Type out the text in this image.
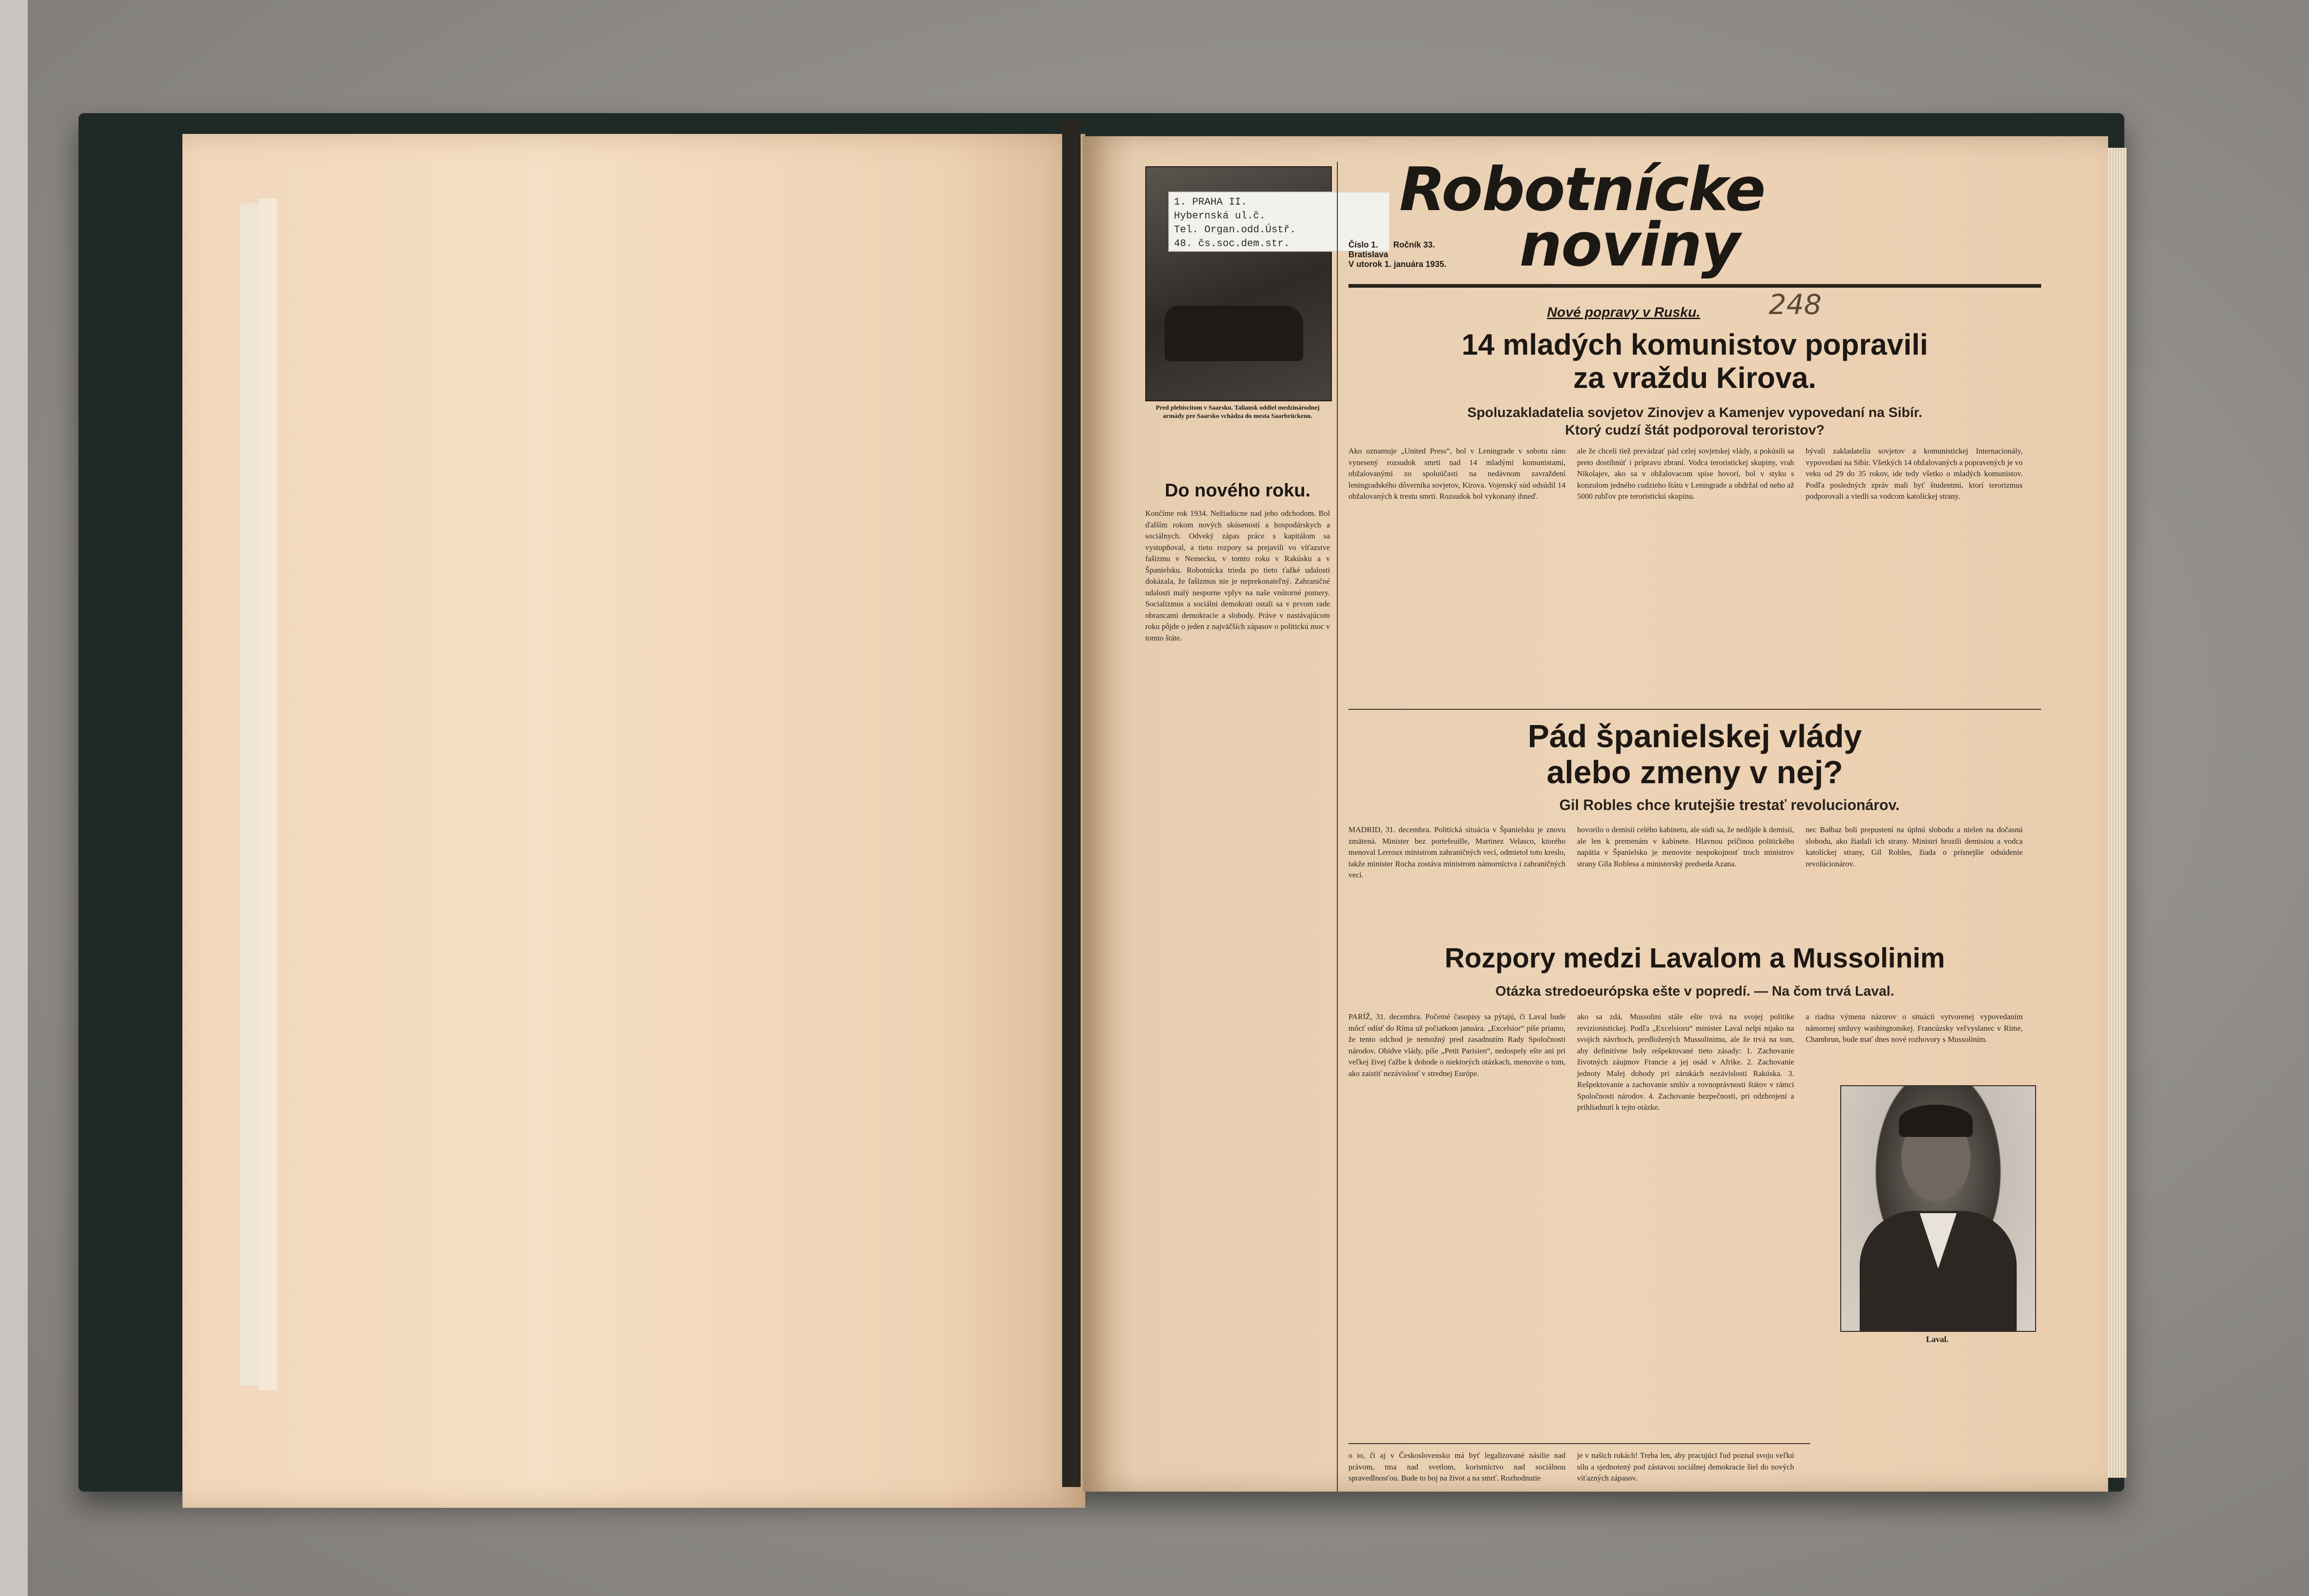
1. PRAHA II.
Hybernská ul.č.
Tel. Organ.odd.Ústř.
48. čs.soc.dem.str.
Pred plebiscitom v Saarsku. Taliansk oddiel medzinárodnej armády pre Saarsko vchádza do mesta Saarbrückenu.
Robotnícke
noviny
Číslo 1. Ročník 33.
Bratislava
V utorok 1. januára 1935.
248
Do nového roku.
Končíme rok 1934. Nežiadúcne nad jeho odchodom. Bol ďalším rokom nových skúseností a hospodárskych a sociálnych. Odveký zápas práce s kapitálom sa vystupňoval, a tieto rozpory sa prejavili vo víťazstve fašizmu v Nemecku, v tomto roku v Rakúsku a v Španielsku. Robotnícka trieda po tieto ťažké udalosti dokázala, že fašizmus nie je neprekonateľný. Zahraničné udalosti malý nesporne vplyv na naše vnútorné pomery. Socializmus a sociálni demokrati ostali sa v prvom rade obrancami demokracie a slobody. Práve v nastávajúcom roku pôjde o jeden z najväčších zápasov o politickú moc v tomto štáte.
Nové popravy v Rusku.
14 mladých komunistov popravili
za vraždu Kirova.
Spoluzakladatelia sovjetov Zinovjev a Kamenjev vypovedaní na Sibír.
Ktorý cudzí štát podporoval teroristov?
Ako oznamuje „United Press“, bol v Leningrade v sobotu ráno vynesený rozsudok smrti nad 14 mladými komunistami, obžalovanými zo spoluúčasti na nedávnom zavraždení leningradského dôverníka sovjetov, Kirova. Vojenský súd odsúdil 14 obžalovaných k trestu smrti. Rozsudok bol vykonaný ihneď.
ale že chceli tiež prevádzať pád celej sovjetskej vlády, a pokúsili sa preto dostihnúť i prípravu zbraní. Vodca teroristickej skupiny, vrah Nikolajev, ako sa v obžalovacom spise hovorí, bol v styku s konzulom jedného cudzieho štátu v Leningrade a obdržal od neho až 5000 rubľov pre teroristickú skupinu.
bývali zakladatelia sovjetov a komunistickej Internacionály, vypovedaní na Sibír. Všetkých 14 obžalovaných a popravených je vo veku od 29 do 35 rokov, ide tedy všetko o mladých komunistov. Podľa posledných zpráv mali byť študentmi, ktorí terorizmus podporovali a viedli sa vodcom katolíckej strany.
Pád španielskej vlády
alebo zmeny v nej?
Gil Robles chce krutejšie trestať revolucionárov.
MADRID, 31. decembra. Politická situácia v Španielsku je znovu zmätená. Minister bez portefeuille, Martinez Velasco, ktorého menoval Lerroux ministrom zahraničných vecí, odmietol toto kreslo, takže minister Rocha zostáva ministrom námorníctva i zahraničných vecí.
hovorilo o demisii celého kabinetu, ale súdi sa, že nedôjde k demisii, ale len k premenám v kabinete. Hlavnou príčinou politického napätia v Španielsku je menovite nespokojnosť troch ministrov strany Gila Roblesa a ministerský predseda Azana.
nec Bałbaz boli prepustení na úplnú slobodu a nielen na dočasnú slobodu, ako žiadali ich strany. Ministri hrozili demisiou a vodca katolíckej strany, Gil Robles, žiada o prísnejšie odsúdenie revolúcionárov.
Rozpory medzi Lavalom a Mussolinim
Otázka stredoeurópska ešte v popredí. — Na čom trvá Laval.
PARÍŽ, 31. decembra. Početné časopisy sa pýtajú, či Laval bude môcť odísť do Ríma už počiatkom januára. „Excelsior“ píše priamo, že tento odchod je nemožný pred zasadnutím Rady Spoločnosti národov. Obidve vlády, píše „Petit Parisien“, nedospely ešte ani pri veľkej živej ťažbe k dohode o niektorých otázkach, menovite o tom, ako zaistiť nezávislosť v strednej Európe.
ako sa zdá, Mussolini stále ešte trvá na svojej politike revizionistickej. Podľa „Excelsioru“ minister Laval nelpí nijako na svojich návrhoch, predložených Mussolinimu, ale že trvá na tom, aby definitívne boly rešpektované tieto zásady: 1. Zachovanie životných záujmov Francie a jej osád v Afrike. 2. Zachovanie jednoty Malej dohody pri zárukách nezávislosti Rakúska. 3. Rešpektovanie a zachovanie smlúv a rovnoprávnosti štátov v rámci Spoločnosti národov. 4. Zachovanie bezpečnosti, pri odzbrojení a prihliadnutí k tejto otázke.
a riadna výmena názorov o situácii vytvorenej vypovedaním námornej smluvy washingtonskej. Francúzsky veľvyslanec v Ríme, Chambrun, bude mať dnes nové rozhovory s Mussolinim.
o to, či aj v Československu má byť legalizované násilie nad právom, tma nad svetlom, koristníctvo nad sociálnou spravedlnosťou. Bude to boj na život a na smrť. Rozhodnutie
je v našich rukách! Treba len, aby pracujúci ľud poznal svoju veľkú silu a sjednotený pod zástavou sociálnej demokracie šiel do nových víťazných zápasov.
Laval.
